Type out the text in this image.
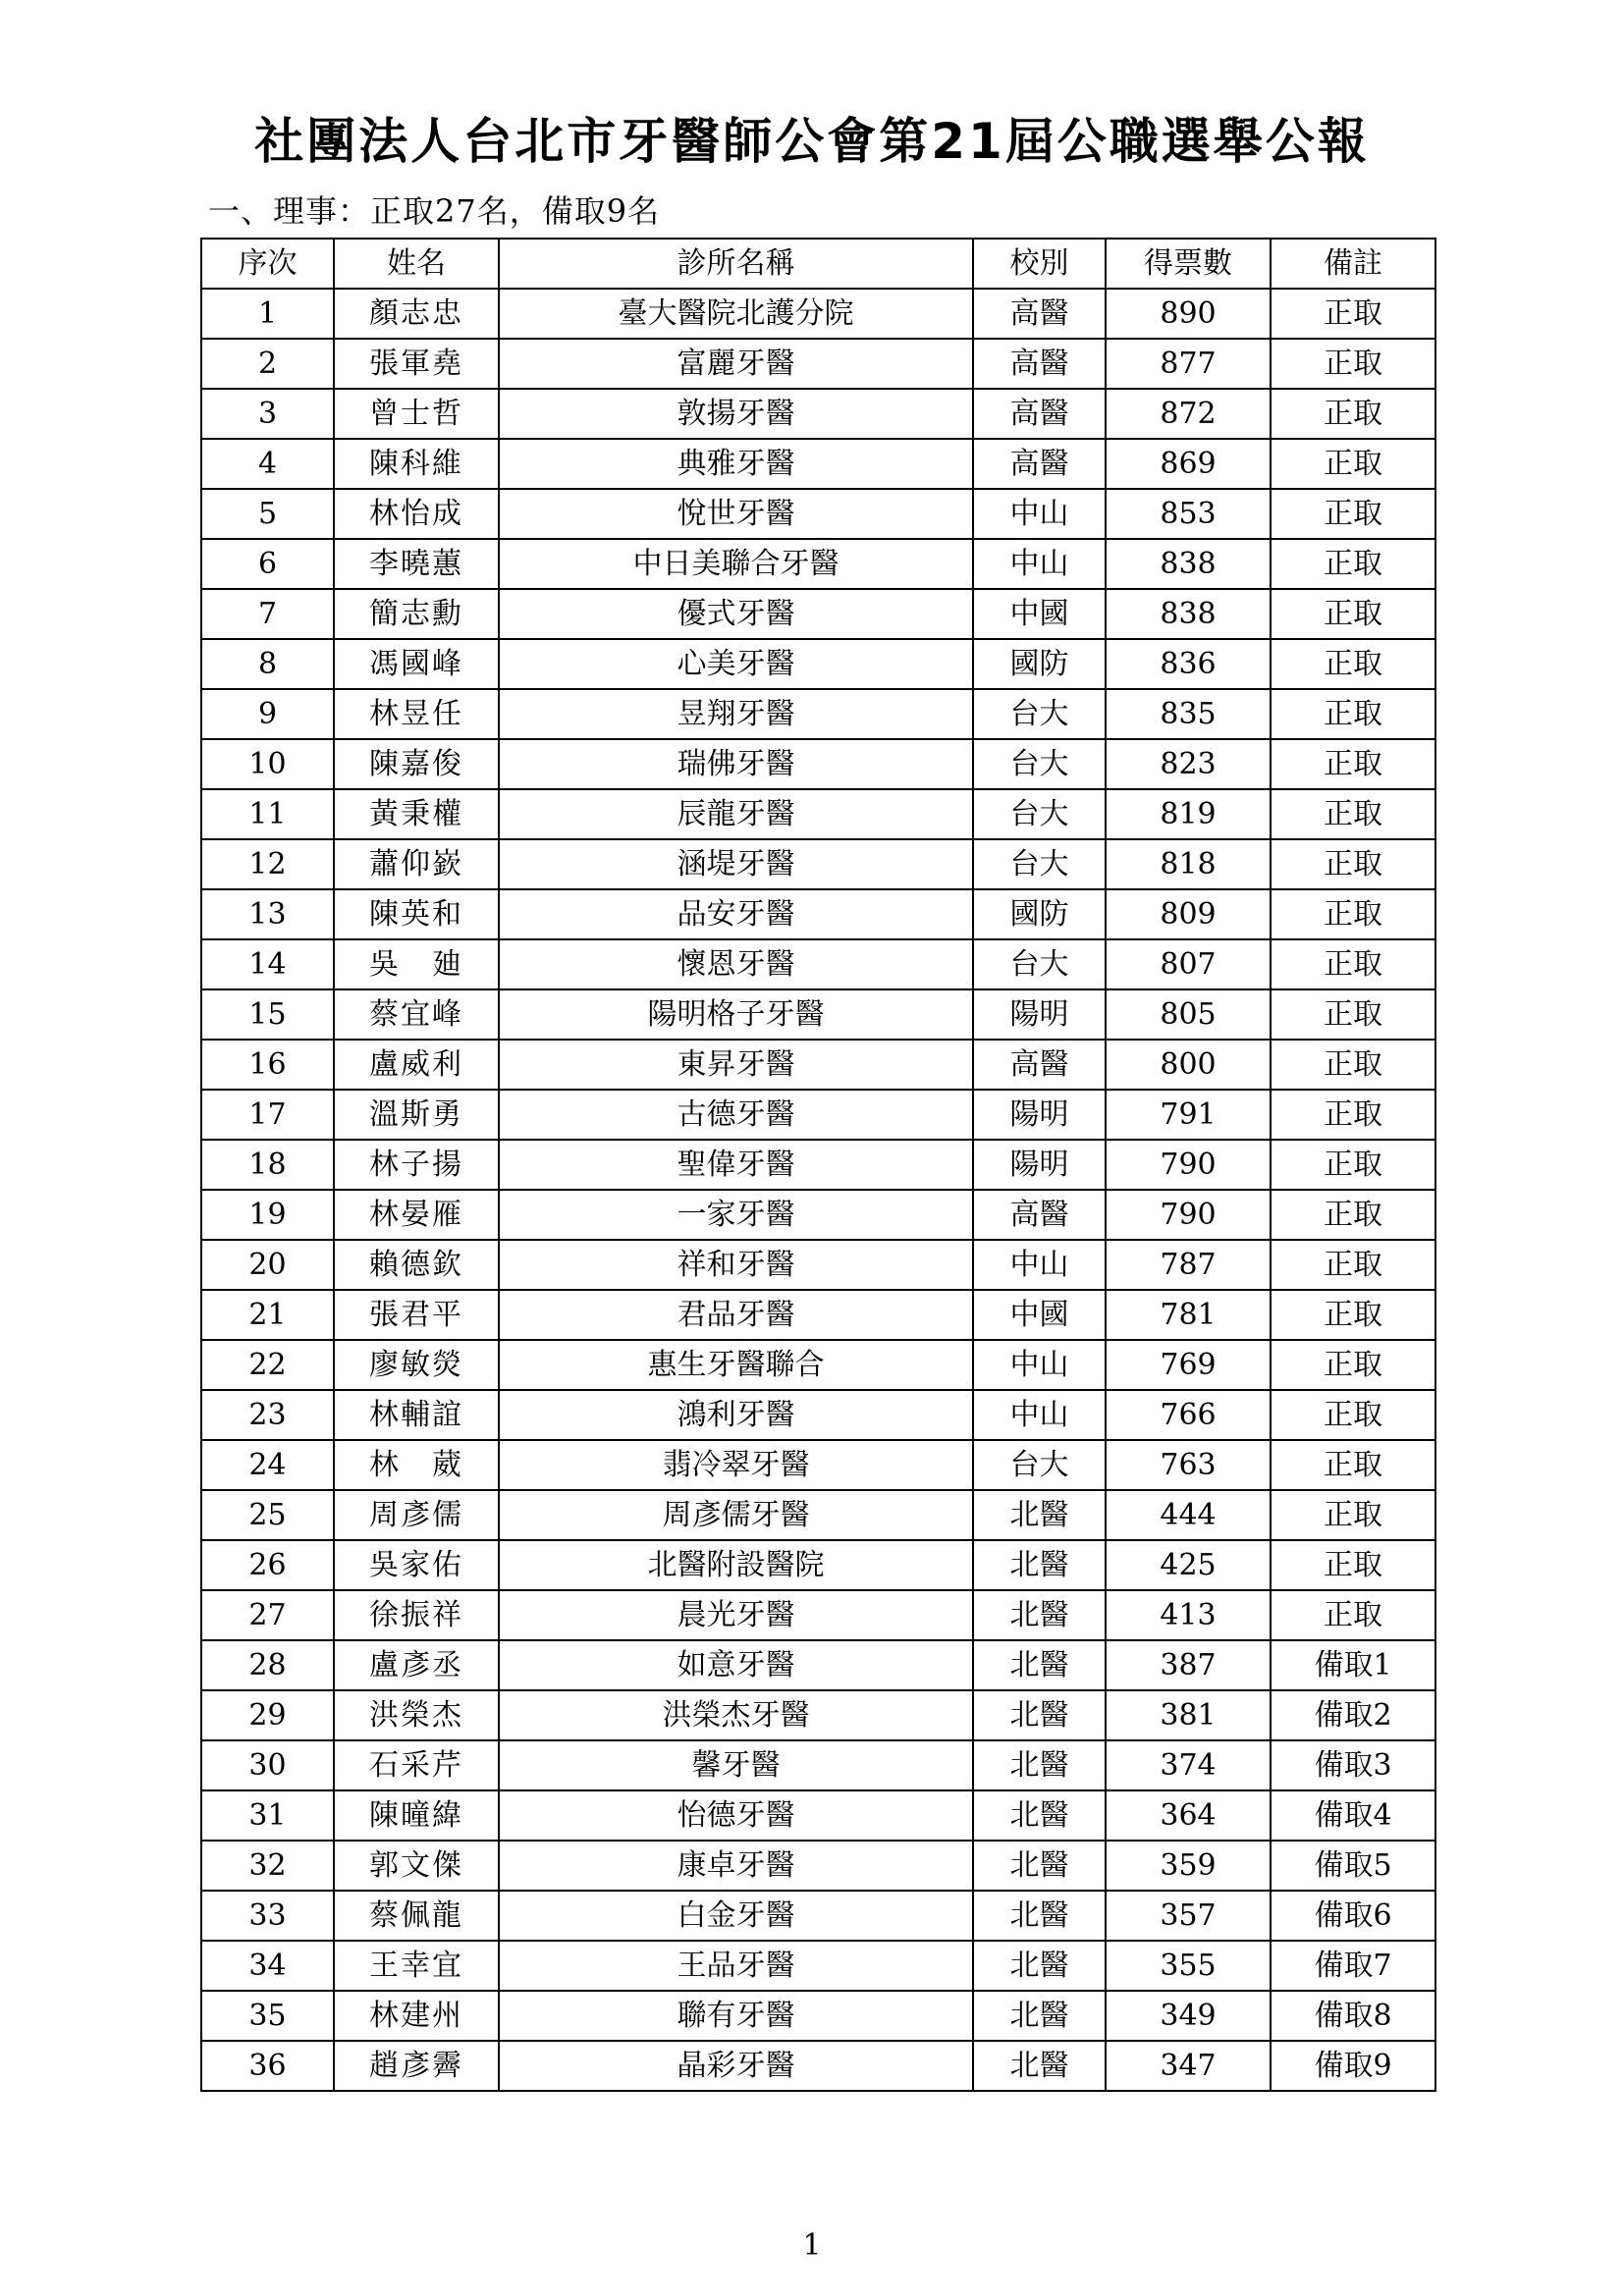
社團法人台北市牙醫師公會第21屆公職選舉公報
一、理事：正取27名，備取9名
序次	姓名	診所名稱	校別	得票數	備註
1	顏志忠	臺大醫院北護分院	高醫	890	正取
2	張軍堯	富麗牙醫	高醫	877	正取
3	曾士哲	敦揚牙醫	高醫	872	正取
4	陳科維	典雅牙醫	高醫	869	正取
5	林怡成	悅世牙醫	中山	853	正取
6	李曉蕙	中日美聯合牙醫	中山	838	正取
7	簡志勳	優式牙醫	中國	838	正取
8	馮國峰	心美牙醫	國防	836	正取
9	林昱任	昱翔牙醫	台大	835	正取
10	陳嘉俊	瑞佛牙醫	台大	823	正取
11	黃秉權	辰龍牙醫	台大	819	正取
12	蕭仰嶔	涵堤牙醫	台大	818	正取
13	陳英和	品安牙醫	國防	809	正取
14	吳　廸	懷恩牙醫	台大	807	正取
15	蔡宜峰	陽明格子牙醫	陽明	805	正取
16	盧威利	東昇牙醫	高醫	800	正取
17	溫斯勇	古德牙醫	陽明	791	正取
18	林子揚	聖偉牙醫	陽明	790	正取
19	林晏雁	一家牙醫	高醫	790	正取
20	賴德欽	祥和牙醫	中山	787	正取
21	張君平	君品牙醫	中國	781	正取
22	廖敏熒	惠生牙醫聯合	中山	769	正取
23	林輔誼	鴻利牙醫	中山	766	正取
24	林　葳	翡冷翠牙醫	台大	763	正取
25	周彥儒	周彥儒牙醫	北醫	444	正取
26	吳家佑	北醫附設醫院	北醫	425	正取
27	徐振祥	晨光牙醫	北醫	413	正取
28	盧彥丞	如意牙醫	北醫	387	備取1
29	洪榮杰	洪榮杰牙醫	北醫	381	備取2
30	石采芹	馨牙醫	北醫	374	備取3
31	陳曈緯	怡德牙醫	北醫	364	備取4
32	郭文傑	康卓牙醫	北醫	359	備取5
33	蔡佩龍	白金牙醫	北醫	357	備取6
34	王幸宜	王品牙醫	北醫	355	備取7
35	林建州	聯有牙醫	北醫	349	備取8
36	趙彥霽	晶彩牙醫	北醫	347	備取9
1
